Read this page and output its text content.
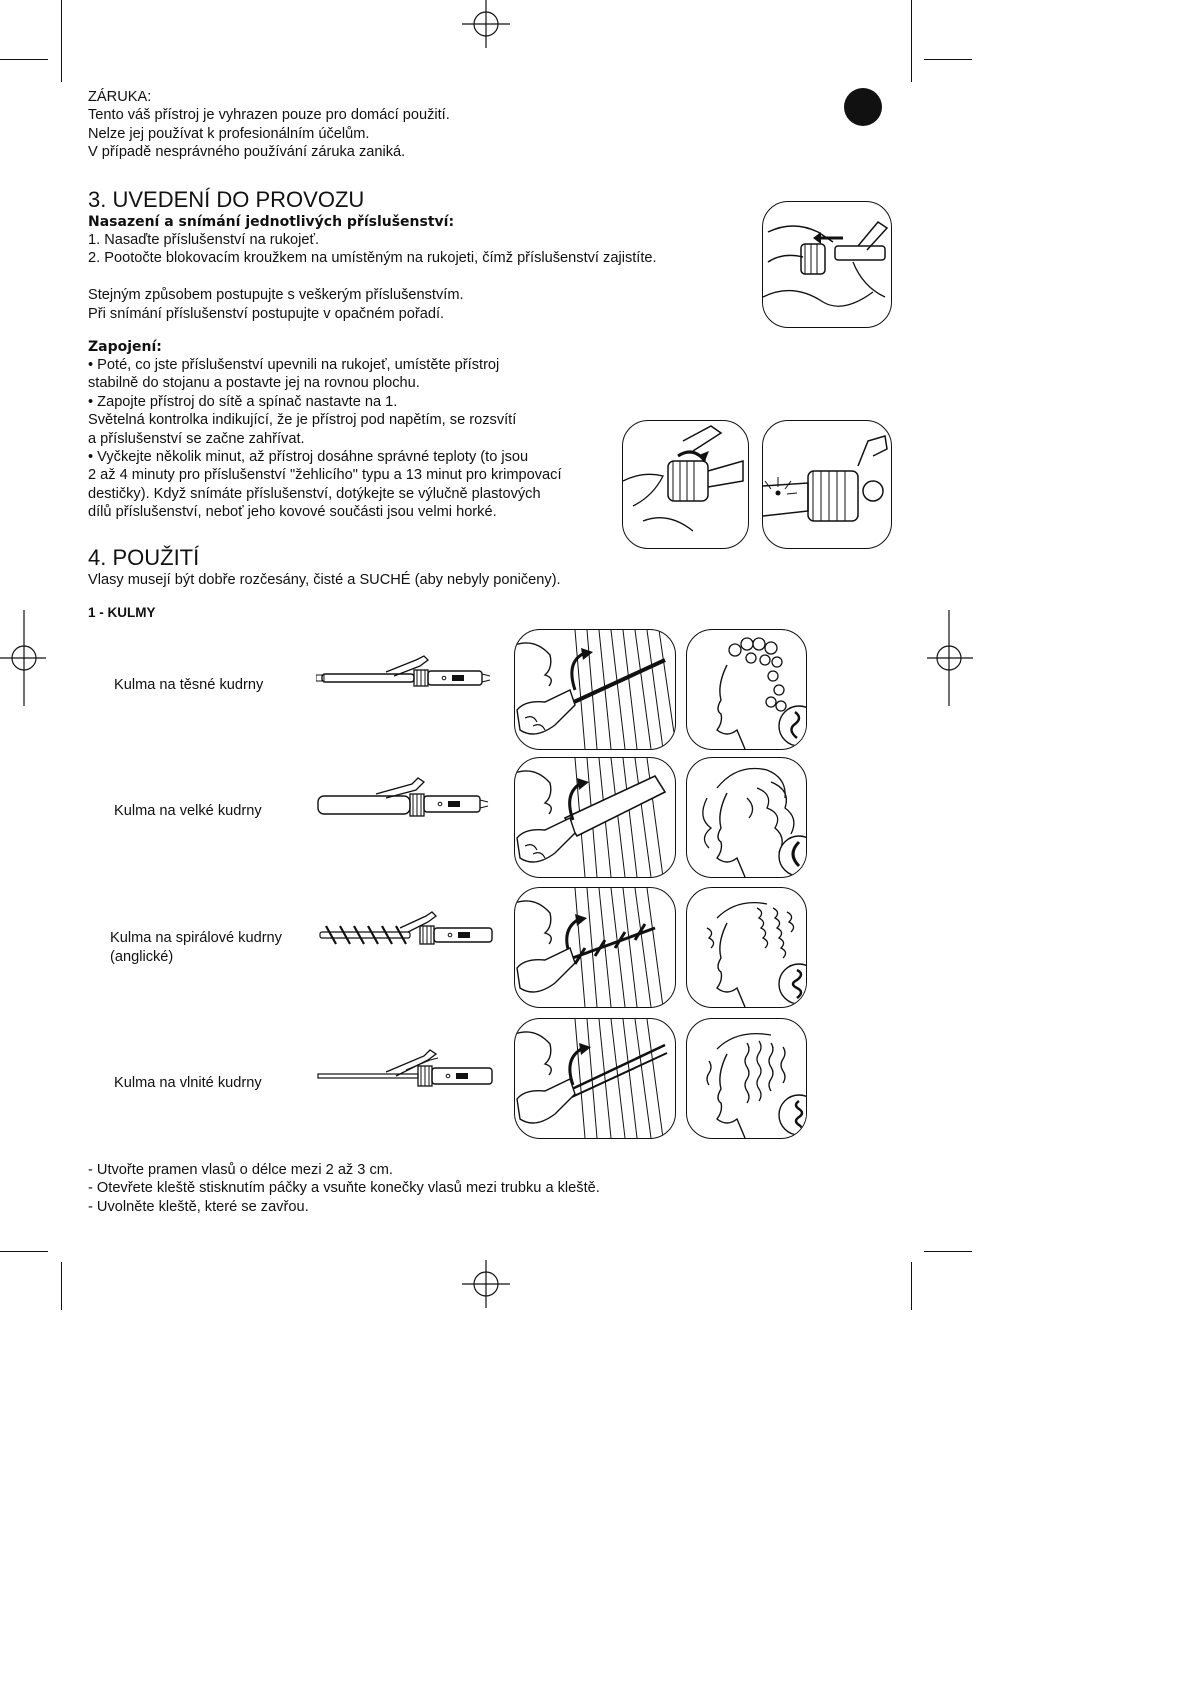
ZÁRUKA:

Tento váš přístroj je vyhrazen pouze pro domácí použití.

Nelze jej používat k profesionálním účelům.

V případě nesprávného používání záruka zaniká.

3. UVEDENÍ DO PROVOZU

Nasazení a snímání jednotlivých příslušenství:

1. Nasaďte příslušenství na rukojeť.

2. Pootočte blokovacím kroužkem na umístěným na rukojeti, čímž příslušenství zajistíte.

Stejným způsobem postupujte s veškerým příslušenstvím.

Při snímání příslušenství postupujte v opačném pořadí.

Zapojení:

• Poté, co jste příslušenství upevnili na rukojeť, umístěte přístroj

stabilně do stojanu a postavte jej na rovnou plochu.

• Zapojte přístroj do sítě a spínač nastavte na 1.

Světelná kontrolka indikující, že je přístroj pod napětím, se rozsvítí

a příslušenství se začne zahřívat.

• Vyčkejte několik minut, až přístroj dosáhne správné teploty (to jsou

2 až 4 minuty pro příslušenství "žehlicího" typu a 13 minut pro krimpovací

destičky). Když snímáte příslušenství, dotýkejte se výlučně plastových

dílů příslušenství, neboť jeho kovové součásti jsou velmi horké.

4. POUŽITÍ

Vlasy musejí být dobře rozčesány, čisté a SUCHÉ (aby nebyly poničeny).

1 - KULMY

Kulma na těsné kudrny
Kulma na velké kudrny
Kulma na spirálové kudrny
(anglické)
Kulma na vlnité kudrny

- Utvořte pramen vlasů o délce mezi 2 až 3 cm.

- Otevřete kleště stisknutím páčky a vsuňte konečky vlasů mezi trubku a kleště.

- Uvolněte kleště, které se zavřou.
